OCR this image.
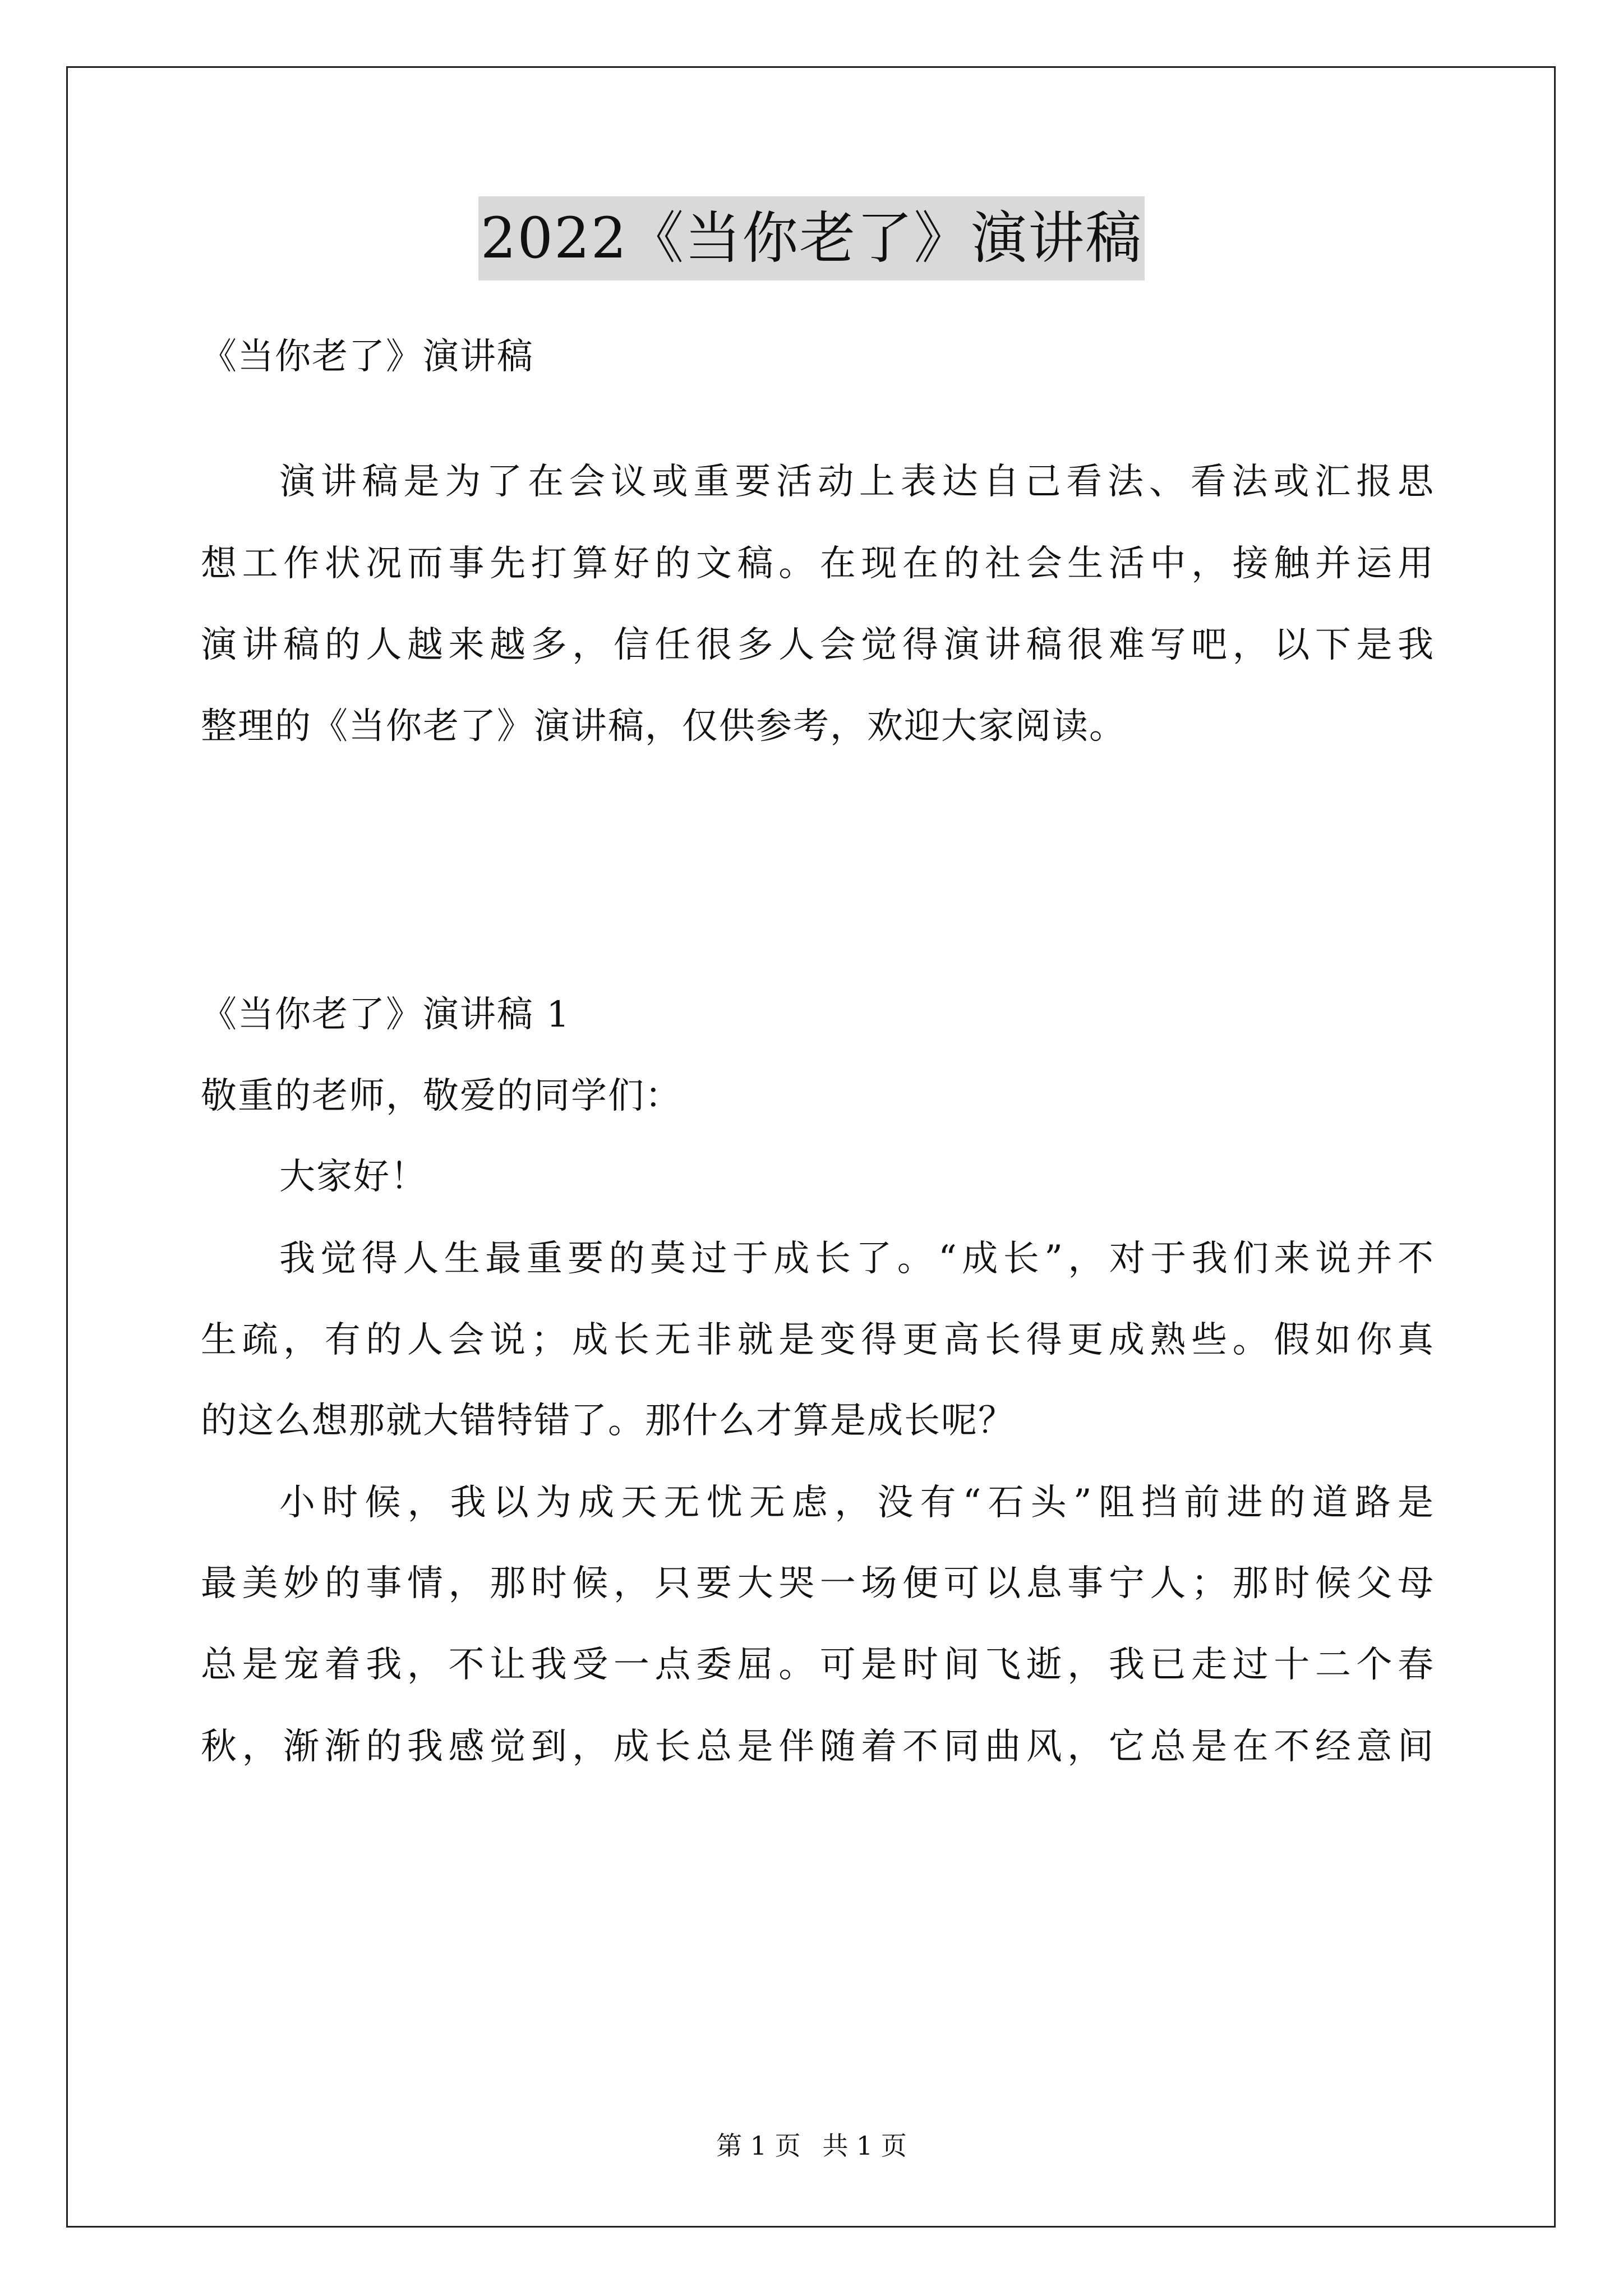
2022《当你老了》演讲稿
《当你老了》演讲稿
演讲稿是为了在会议或重要活动上表达自己看法、看法或汇报思
想工作状况而事先打算好的文稿。在现在的社会生活中，接触并运用
演讲稿的人越来越多，信任很多人会觉得演讲稿很难写吧，以下是我
整理的《当你老了》演讲稿，仅供参考，欢迎大家阅读。
《当你老了》演讲稿 1
敬重的老师，敬爱的同学们：
大家好！
我觉得人生最重要的莫过于成长了。“成长”，对于我们来说并不
生疏，有的人会说；成长无非就是变得更高长得更成熟些。假如你真
的这么想那就大错特错了。那什么才算是成长呢？
小时候，我以为成天无忧无虑，没有“石头”阻挡前进的道路是
最美妙的事情，那时候，只要大哭一场便可以息事宁人；那时候父母
总是宠着我，不让我受一点委屈。可是时间飞逝，我已走过十二个春
秋，渐渐的我感觉到，成长总是伴随着不同曲风，它总是在不经意间
第 1 页 共 1 页
